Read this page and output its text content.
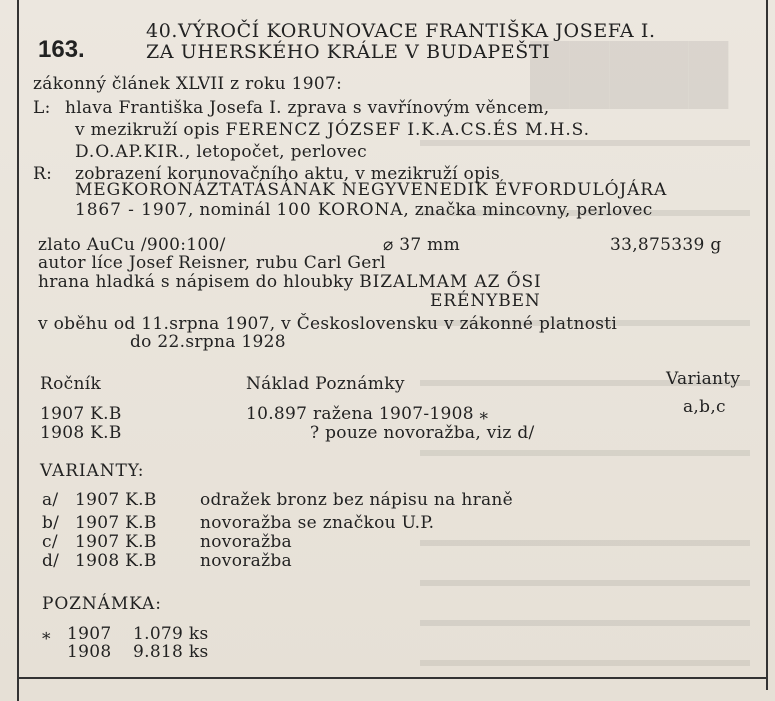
█████
163.
40.VÝROČÍ KORUNOVACE FRANTIŠKA JOSEFA I.
ZA UHERSKÉHO KRÁLE V BUDAPEŠTI
zákonný článek XLVII z roku 1907:
L: hlava Františka Josefa I. zprava s vavřínovým věncem,
v mezikruží opis FERENCZ JÓZSEF I.K.A.CS.ÉS M.H.S.
D.O.AP.KIR., letopočet, perlovec
R: zobrazení korunovačního aktu, v mezikruží opis
MEGKORONÁZTATÁSÁNAK NEGYVENEDIK ÉVFORDULÓJÁRA
1867 - 1907, nominál 100 KORONA, značka mincovny, perlovec
zlato AuCu /900:100/	⌀ 37 mm	33,875339 g
autor líce Josef Reisner, rubu Carl Gerl
hrana hladká s nápisem do hloubky BIZALMAM AZ ŐSI
ERÉNYBEN
v oběhu od 11.srpna 1907, v Československu v zákonné platnosti
do 22.srpna 1928
Ročník	Náklad Poznámky	Varianty
1907 K.B	10.897 ražena 1907-1908 ⁎	a,b,c
1908 K.B	? pouze novoražba, viz d/
VARIANTY:
a/ 1907 K.B	odražek bronz bez nápisu na hraně
b/ 1907 K.B	novoražba se značkou U.P.
c/ 1907 K.B	novoražba
d/ 1908 K.B	novoražba
POZNÁMKA:
⁎ 1907 1.079 ks
1908 9.818 ks
